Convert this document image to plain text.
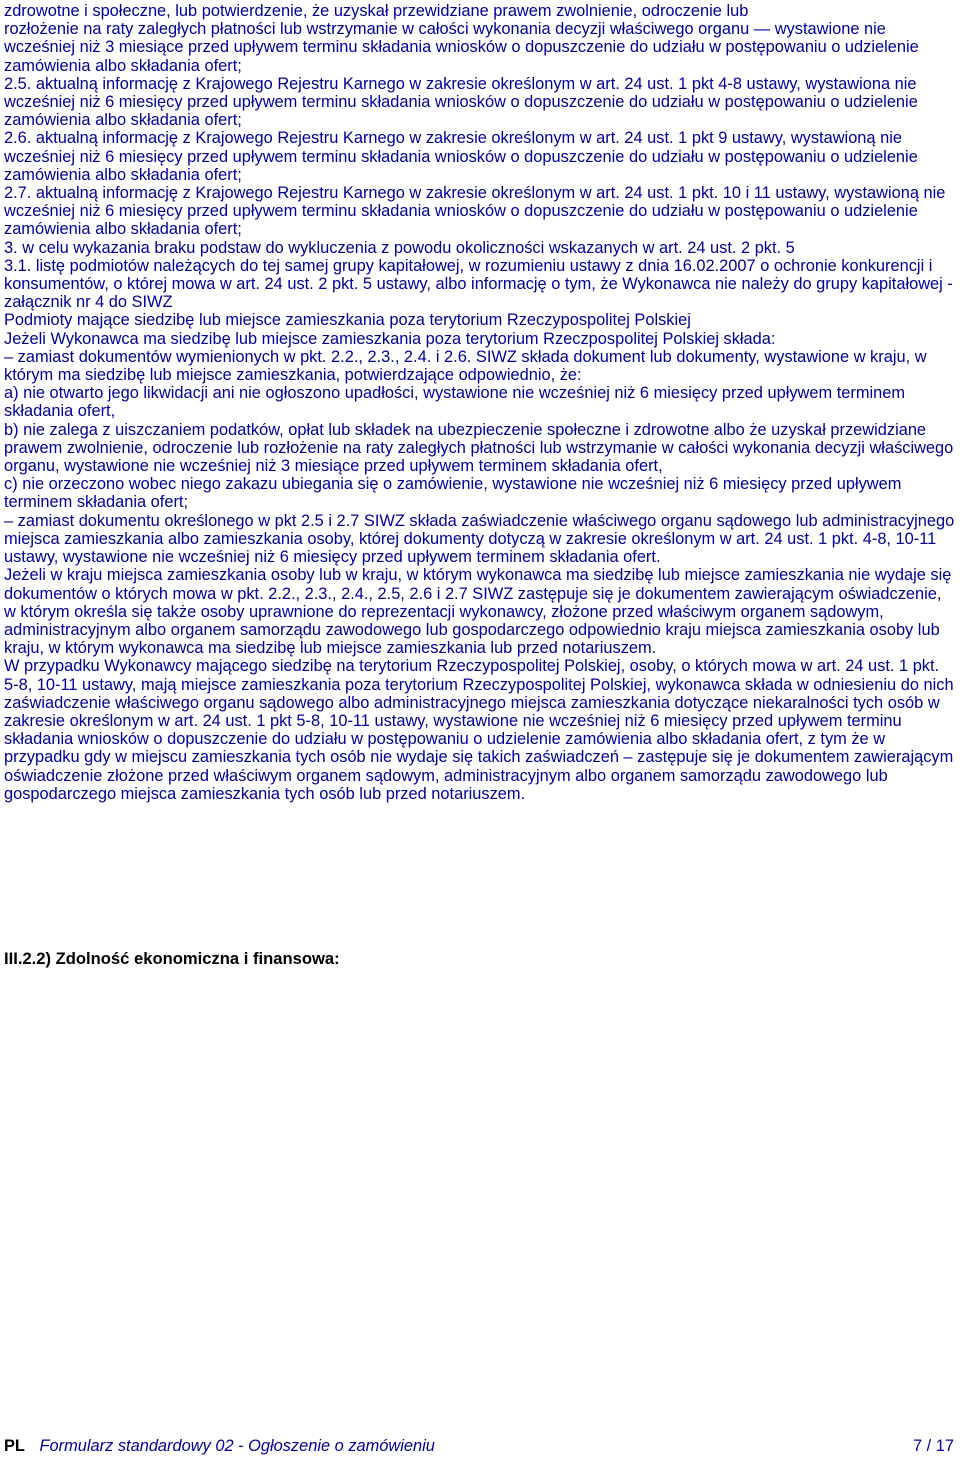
zdrowotne i społeczne, lub potwierdzenie, że uzyskał przewidziane prawem zwolnienie, odroczenie lub

rozłożenie na raty zaległych płatności lub wstrzymanie w całości wykonania decyzji właściwego organu — wystawione nie wcześniej niż 3 miesiące przed upływem terminu składania wniosków o dopuszczenie do udziału w postępowaniu o udzielenie zamówienia albo składania ofert;

2.5. aktualną informację z Krajowego Rejestru Karnego w zakresie określonym w art. 24 ust. 1 pkt 4-8 ustawy, wystawiona nie wcześniej niż 6 miesięcy przed upływem terminu składania wniosków o dopuszczenie do udziału w postępowaniu o udzielenie zamówienia albo składania ofert;

2.6. aktualną informację z Krajowego Rejestru Karnego w zakresie określonym w art. 24 ust. 1 pkt 9 ustawy, wystawioną nie wcześniej niż 6 miesięcy przed upływem terminu składania wniosków o dopuszczenie do udziału w postępowaniu o udzielenie zamówienia albo składania ofert;

2.7. aktualną informację z Krajowego Rejestru Karnego w zakresie określonym w art. 24 ust. 1 pkt. 10 i 11 ustawy, wystawioną nie wcześniej niż 6 miesięcy przed upływem terminu składania wniosków o dopuszczenie do udziału w postępowaniu o udzielenie zamówienia albo składania ofert;

3. w celu wykazania braku podstaw do wykluczenia z powodu okoliczności wskazanych w art. 24 ust. 2 pkt. 5

3.1. listę podmiotów należących do tej samej grupy kapitałowej, w rozumieniu ustawy z dnia 16.02.2007 o ochronie konkurencji i konsumentów, o której mowa w art. 24 ust. 2 pkt. 5 ustawy, albo informację o tym, że Wykonawca nie należy do grupy kapitałowej - załącznik nr 4 do SIWZ

Podmioty mające siedzibę lub miejsce zamieszkania poza terytorium Rzeczypospolitej Polskiej

Jeżeli Wykonawca ma siedzibę lub miejsce zamieszkania poza terytorium Rzeczpospolitej Polskiej składa:

– zamiast dokumentów wymienionych w pkt. 2.2., 2.3., 2.4. i 2.6. SIWZ składa dokument lub dokumenty, wystawione w kraju, w którym ma siedzibę lub miejsce zamieszkania, potwierdzające odpowiednio, że:

a) nie otwarto jego likwidacji ani nie ogłoszono upadłości, wystawione nie wcześniej niż 6 miesięcy przed upływem terminem składania ofert,

b) nie zalega z uiszczaniem podatków, opłat lub składek na ubezpieczenie społeczne i zdrowotne albo że uzyskał przewidziane prawem zwolnienie, odroczenie lub rozłożenie na raty zaległych płatności lub wstrzymanie w całości wykonania decyzji właściwego organu, wystawione nie wcześniej niż 3 miesiące przed upływem terminem składania ofert,

c) nie orzeczono wobec niego zakazu ubiegania się o zamówienie, wystawione nie wcześniej niż 6 miesięcy przed upływem terminem składania ofert;

– zamiast dokumentu określonego w pkt 2.5 i 2.7 SIWZ składa zaświadczenie właściwego organu sądowego lub administracyjnego miejsca zamieszkania albo zamieszkania osoby, której dokumenty dotyczą w zakresie określonym w art. 24 ust. 1 pkt. 4-8, 10-11 ustawy, wystawione nie wcześniej niż 6 miesięcy przed upływem terminem składania ofert.

Jeżeli w kraju miejsca zamieszkania osoby lub w kraju, w którym wykonawca ma siedzibę lub miejsce zamieszkania nie wydaje się dokumentów o których mowa w pkt. 2.2., 2.3., 2.4., 2.5, 2.6 i 2.7 SIWZ zastępuje się je dokumentem zawierającym oświadczenie, w którym określa się także osoby uprawnione do reprezentacji wykonawcy, złożone przed właściwym organem sądowym, administracyjnym albo organem samorządu zawodowego lub gospodarczego odpowiednio kraju miejsca zamieszkania osoby lub kraju, w którym wykonawca ma siedzibę lub miejsce zamieszkania lub przed notariuszem.

W przypadku Wykonawcy mającego siedzibę na terytorium Rzeczypospolitej Polskiej, osoby, o których mowa w art. 24 ust. 1 pkt. 5-8, 10-11 ustawy, mają miejsce zamieszkania poza terytorium Rzeczypospolitej Polskiej, wykonawca składa w odniesieniu do nich zaświadczenie właściwego organu sądowego albo administracyjnego miejsca zamieszkania dotyczące niekaralności tych osób w zakresie określonym w art. 24 ust. 1 pkt 5-8, 10-11 ustawy, wystawione nie wcześniej niż 6 miesięcy przed upływem terminu składania wniosków o dopuszczenie do udziału w postępowaniu o udzielenie zamówienia albo składania ofert, z tym że w przypadku gdy w miejscu zamieszkania tych osób nie wydaje się takich zaświadczeń – zastępuje się je dokumentem zawierającym oświadczenie złożone przed właściwym organem sądowym, administracyjnym albo organem samorządu zawodowego lub gospodarczego miejsca zamieszkania tych osób lub przed notariuszem.

III.2.2) Zdolność ekonomiczna i finansowa:
PL Formularz standardowy 02 - Ogłoszenie o zamówieniu	7 / 17
